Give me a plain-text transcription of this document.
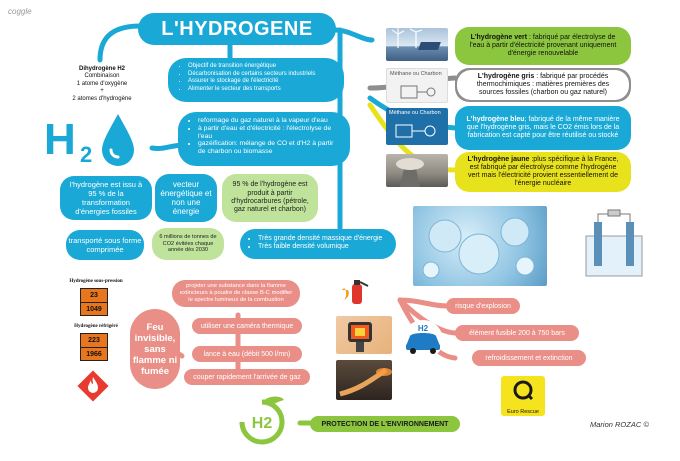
coggle
L'HYDROGENE
Dihydrogène H2
Combinaison
1 atome d'oxygène
+
2 atomes d'hydrogène
• Objectif de transition énergétique
• Décarbonisation de certains secteurs industriels
• Assurer le stockage de l'électricité
• Alimenter le secteur des transports
H 2
• reformage du gaz naturel à la vapeur d'eau
• à partir d'eau et d'électricité : l'électrolyse de l'eau
• gazéification: mélange de CO et d'H2 à partir de charbon ou biomasse
l'hydrogène est issu à 95 % de la transformation d'énergies fossiles
vecteur énergétique et non une énergie
95 % de l'hydrogène est produit à partir d'hydrocarbures (pétrole, gaz naturel et charbon)
transporté sous forme comprimée
6 millions de tonnes de CO2 évitées chaque année dès 2030
• Très grande densité massique d'énergie
• Très faible densité volumique
L'hydrogène vert : fabriqué par électrolyse de l'eau à partir d'électricité provenant uniquement d'énergie renouvelable
Méthane ou Charbon	L'hydrogène gris : fabriqué par procédés thermochimiques : matières premières des sources fossiles (charbon ou gaz naturel)
Méthane ou Charbon
L'hydrogène bleu; fabriqué de la même manière que l'hydrogène gris, mais le CO2 émis lors de la fabrication est capté pour être réutilisé ou stocké
L'hydrogène jaune :plus spécifique à la France, est fabriqué par électrolyse comme l'hydrogène vert mais l'électricité provient essentiellement de l'énergie nucléaire
Hydrogène sous-pression
23
1049
Hydrogène réfrigéré
223
1966
Feu invisible, sans flamme ni fumée
projeter une substance dans la flamme extincteurs à poudre de classe B-C modifier le spectre lumineux de la combustion
utiliser une caméra thermique
lance à eau (débit 500 l/mn)
couper rapidement l'arrivée de gaz
H2
risque d'explosion
élément fusible 200 à 750 bars
refroidissement et extinction
Euro Rescue
H2	PROTECTION DE L'ENVIRONNEMENT	Marion ROZAC ©
